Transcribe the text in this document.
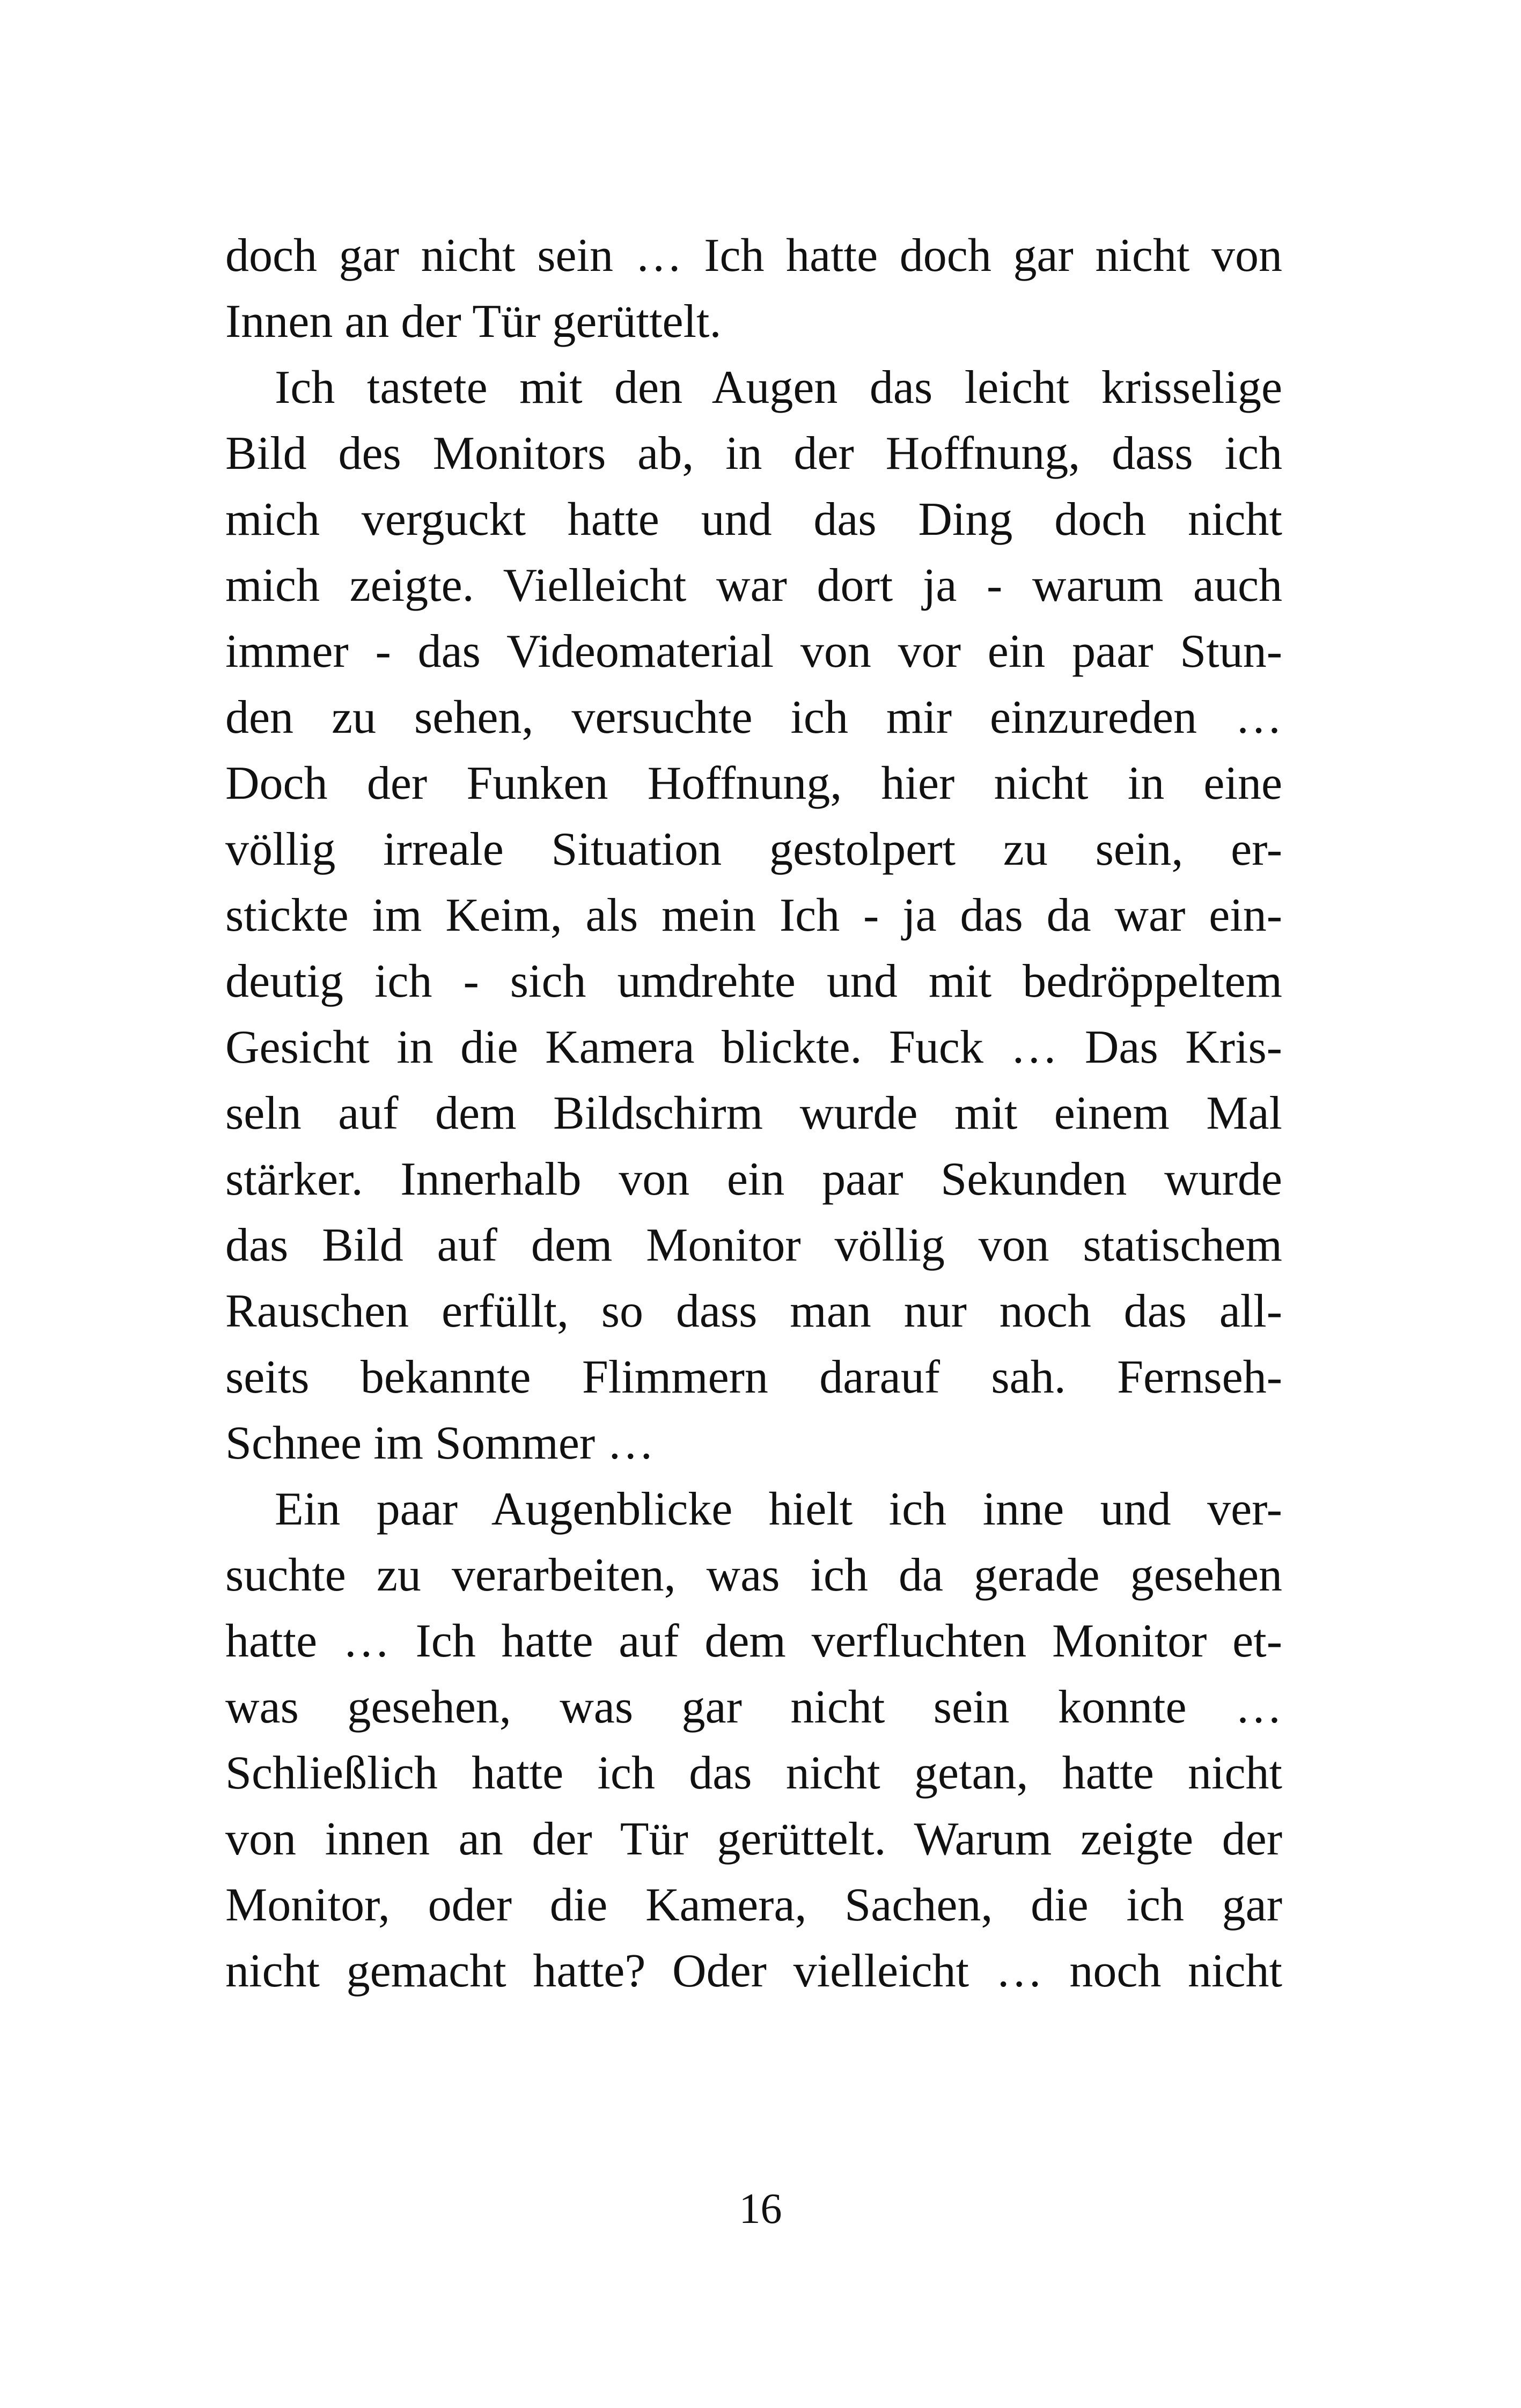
doch gar nicht sein … Ich hatte doch gar nicht von
Innen an der Tür gerüttelt.
Ich tastete mit den Augen das leicht krisselige
Bild des Monitors ab, in der Hoffnung, dass ich
mich verguckt hatte und das Ding doch nicht
mich zeigte. Vielleicht war dort ja - warum auch
immer - das Videomaterial von vor ein paar Stun-
den zu sehen, versuchte ich mir einzureden …
Doch der Funken Hoffnung, hier nicht in eine
völlig irreale Situation gestolpert zu sein, er-
stickte im Keim, als mein Ich - ja das da war ein-
deutig ich - sich umdrehte und mit bedröppeltem
Gesicht in die Kamera blickte. Fuck … Das Kris-
seln auf dem Bildschirm wurde mit einem Mal
stärker. Innerhalb von ein paar Sekunden wurde
das Bild auf dem Monitor völlig von statischem
Rauschen erfüllt, so dass man nur noch das all-
seits bekannte Flimmern darauf sah. Fernseh-
Schnee im Sommer …
Ein paar Augenblicke hielt ich inne und ver-
suchte zu verarbeiten, was ich da gerade gesehen
hatte … Ich hatte auf dem verfluchten Monitor et-
was gesehen, was gar nicht sein konnte …
Schließlich hatte ich das nicht getan, hatte nicht
von innen an der Tür gerüttelt. Warum zeigte der
Monitor, oder die Kamera, Sachen, die ich gar
nicht gemacht hatte? Oder vielleicht … noch nicht
16
